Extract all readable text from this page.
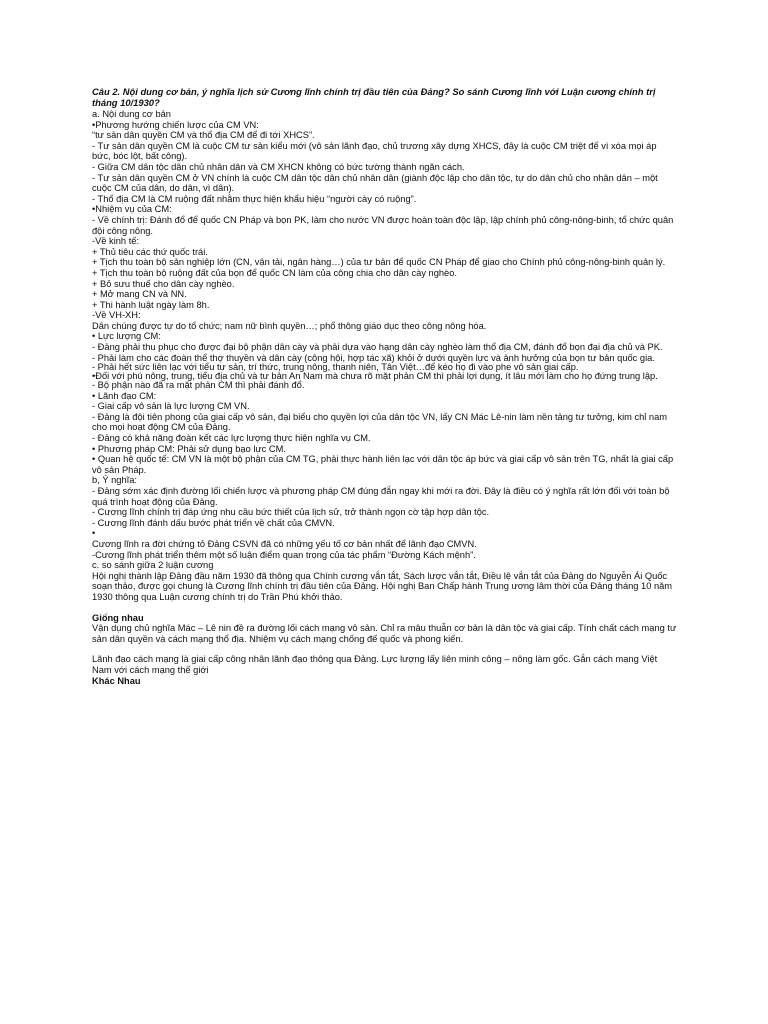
Câu 2. Nội dung cơ bản, ý nghĩa lịch sử Cương lĩnh chính trị đầu tiên của Đảng? So sánh Cương lĩnh với Luận cương chính trị tháng 10/1930?

a. Nội dung cơ bản

•Phương hướng chiến lược của CM VN:

“tư sản dân quyền CM và thổ địa CM để đi tới XHCS”.

- Tư sản dân quyền CM là cuộc CM tư sản kiểu mới (vô sản lãnh đạo, chủ trương xây dựng XHCS, đây là cuộc CM triệt để vì xóa mọi áp bức, bóc lột, bất công).

- Giữa CM dân tộc dân chủ nhân dân và CM XHCN không có bức tường thành ngăn cách.

- Tư sản dân quyền CM ở VN chính là cuộc CM dân tộc dân chủ nhân dân (giành độc lập cho dân tộc, tự do dân chủ cho nhân dân – một cuộc CM của dân, do dân, vì dân).

- Thổ địa CM là CM ruộng đất nhằm thực hiện khẩu hiệu “người cày có ruộng”.

•Nhiệm vụ của CM:

- Về chính trị: Đánh đổ để quốc CN Pháp và bọn PK, làm cho nước VN được hoàn toàn độc lập, lập chính phủ công-nông-binh, tổ chức quân đội công nông.

-Về kinh tế:

+ Thủ tiêu các thứ quốc trái.

+ Tịch thu toàn bộ sản nghiệp lớn (CN, vận tải, ngân hàng…) của tư bản để quốc CN Pháp để giao cho Chính phủ công-nông-binh quản lý.

+ Tịch thu toàn bộ ruộng đất của bọn để quốc CN làm của công chia cho dân cày nghèo.

+ Bỏ sưu thuế cho dân cày nghèo.

+ Mở mang CN và NN.

+ Thi hành luật ngày làm 8h.

-Về VH-XH:

Dân chúng được tự do tổ chức; nam nữ bình quyền…; phổ thông giáo dục theo công nông hóa.

• Lực lượng CM:

- Đảng phải thu phục cho được đại bộ phận dân cày và phải dựa vào hạng dân cày nghèo làm thổ địa CM, đánh đổ bọn đại địa chủ và PK.

- Phải làm cho các đoàn thể thợ thuyền và dân cày (công hội, hợp tác xã) khỏi ở dưới quyền lực và ảnh hưởng của bọn tư bản quốc gia.

- Phải hết sức liên lạc với tiểu tư sản, trí thức, trung nông, thanh niên, Tân Việt…để kéo họ đi vào phe vô sản giai cấp.

•Đối với phú nông, trung, tiểu địa chủ và tư bản An Nam mà chưa rõ mặt phản CM thì phải lợi dụng, ít lâu mới làm cho họ đứng trung lập.

- Bộ phận nào đã ra mặt phản CM thì phải đánh đổ.

• Lãnh đạo CM:

- Giai cấp vô sản là lực lượng CM VN.

- Đảng là đội tiên phong của giai cấp vô sản, đại biểu cho quyền lợi của dân tộc VN, lấy CN Mác Lê-nin làm nền tảng tư tưởng, kim chỉ nam cho mọi hoạt động CM của Đảng.

- Đảng có khả năng đoàn kết các lực lượng thực hiện nghĩa vụ CM.

• Phương pháp CM: Phải sử dụng bạo lực CM.

• Quan hệ quốc tế: CM VN là một bộ phận của CM TG, phải thực hành liên lạc với dân tộc áp bức và giai cấp vô sản trên TG, nhất là giai cấp vô sản Pháp.

b, Ý nghĩa:

- Đảng sớm xác định đường lối chiến lược và phương pháp CM đúng đắn ngay khi mới ra đời. Đây là điều có ý nghĩa rất lớn đối với toàn bộ quá trình hoạt động của Đảng.

- Cương lĩnh chính trị đáp ứng nhu cầu bức thiết của lịch sử, trở thành ngọn cờ tập hợp dân tộc.

- Cương lĩnh đánh dấu bước phát triển về chất của CMVN.

•

Cương lĩnh ra đời chứng tỏ Đảng CSVN đã có những yếu tố cơ bản nhất để lãnh đạo CMVN.

-Cương lĩnh phát triển thêm một số luận điểm quan trọng của tác phẩm “Đường Kách mệnh”.

c. so sánh giữa 2 luận cương

Hội nghị thành lập Đảng đầu năm 1930 đã thông qua Chính cương vắn tắt, Sách lược vắn tắt, Điều lệ vắn tắt của Đảng do Nguyễn Ái Quốc soạn thảo, được gọi chung là Cương lĩnh chính trị đầu tiên của Đảng. Hội nghị Ban Chấp hành Trung ương lâm thời của Đảng tháng 10 năm 1930 thông qua Luận cương chính trị do Trần Phú khởi thảo.

Giống nhau

Vận dụng chủ nghĩa Mác – Lê nin đề ra đường lối cách mạng vô sản. Chỉ ra mâu thuẫn cơ bản là dân tộc và giai cấp. Tính chất cách mạng tư sản dân quyền và cách mạng thổ địa. Nhiệm vụ cách mạng chống đế quốc và phong kiến.

Lãnh đạo cách mạng là giai cấp công nhân lãnh đạo thông qua Đảng. Lực lượng lấy liên minh công – nông làm gốc. Gắn cách mạng Việt Nam với cách mạng thế giới

Khác Nhau
